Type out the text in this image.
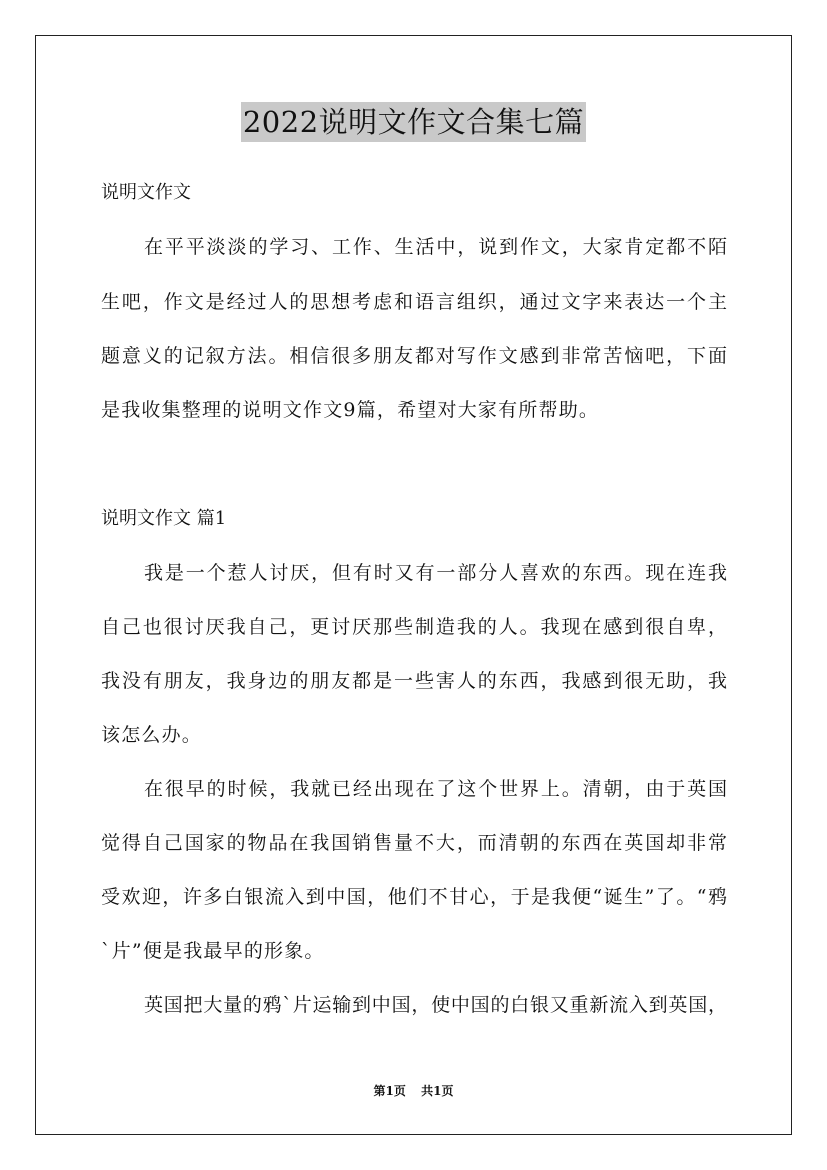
2022说明文作文合集七篇
说明文作文
在平平淡淡的学习、工作、生活中，说到作文，大家肯定都不陌
生吧，作文是经过人的思想考虑和语言组织，通过文字来表达一个主
题意义的记叙方法。相信很多朋友都对写作文感到非常苦恼吧，下面
是我收集整理的说明文作文9篇，希望对大家有所帮助。
说明文作文 篇1
我是一个惹人讨厌，但有时又有一部分人喜欢的东西。现在连我
自己也很讨厌我自己，更讨厌那些制造我的人。我现在感到很自卑，
我没有朋友，我身边的朋友都是一些害人的东西，我感到很无助，我
该怎么办。
在很早的时候，我就已经出现在了这个世界上。清朝，由于英国
觉得自己国家的物品在我国销售量不大，而清朝的东西在英国却非常
受欢迎，许多白银流入到中国，他们不甘心，于是我便“诞生”了。“鸦
`片”便是我最早的形象。
英国把大量的鸦`片运输到中国，使中国的白银又重新流入到英国，
第1页 共1页
